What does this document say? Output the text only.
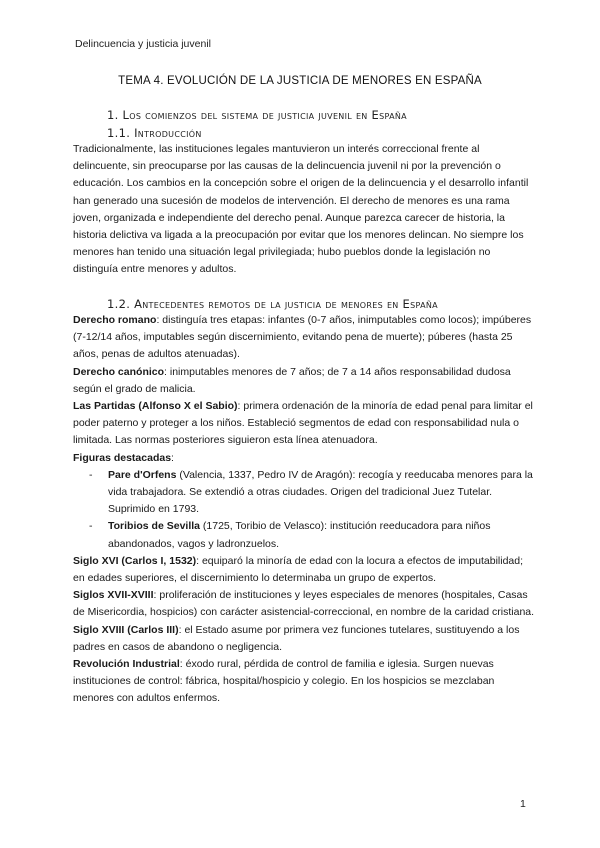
Delincuencia y justicia juvenil
TEMA 4. EVOLUCIÓN DE LA JUSTICIA DE MENORES EN ESPAÑA
1. Los comienzos del sistema de justicia juvenil en España
1.1. Introducción

Tradicionalmente, las instituciones legales mantuvieron un interés correccional frente al delincuente, sin preocuparse por las causas de la delincuencia juvenil ni por la prevención o educación. Los cambios en la concepción sobre el origen de la delincuencia y el desarrollo infantil han generado una sucesión de modelos de intervención. El derecho de menores es una rama joven, organizada e independiente del derecho penal. Aunque parezca carecer de historia, la historia delictiva va ligada a la preocupación por evitar que los menores delincan. No siempre los menores han tenido una situación legal privilegiada; hubo pueblos donde la legislación no distinguía entre menores y adultos.

1.2. Antecedentes remotos de la justicia de menores en España

Derecho romano: distinguía tres etapas: infantes (0-7 años, inimputables como locos); impúberes (7-12/14 años, imputables según discernimiento, evitando pena de muerte); púberes (hasta 25 años, penas de adultos atenuadas).

Derecho canónico: inimputables menores de 7 años; de 7 a 14 años responsabilidad dudosa según el grado de malicia.

Las Partidas (Alfonso X el Sabio): primera ordenación de la minoría de edad penal para limitar el poder paterno y proteger a los niños. Estableció segmentos de edad con responsabilidad nula o limitada. Las normas posteriores siguieron esta línea atenuadora.

Figuras destacadas:

- Pare d'Orfens (Valencia, 1337, Pedro IV de Aragón): recogía y reeducaba menores para la vida trabajadora. Se extendió a otras ciudades. Origen del tradicional Juez Tutelar. Suprimido en 1793.

- Toribios de Sevilla (1725, Toribio de Velasco): institución reeducadora para niños abandonados, vagos y ladronzuelos.

Siglo XVI (Carlos I, 1532): equiparó la minoría de edad con la locura a efectos de imputabilidad; en edades superiores, el discernimiento lo determinaba un grupo de expertos.

Siglos XVII-XVIII: proliferación de instituciones y leyes especiales de menores (hospitales, Casas de Misericordia, hospicios) con carácter asistencial-correccional, en nombre de la caridad cristiana.

Siglo XVIII (Carlos III): el Estado asume por primera vez funciones tutelares, sustituyendo a los padres en casos de abandono o negligencia.

Revolución Industrial: éxodo rural, pérdida de control de familia e iglesia. Surgen nuevas instituciones de control: fábrica, hospital/hospicio y colegio. En los hospicios se mezclaban menores con adultos enfermos.

1
